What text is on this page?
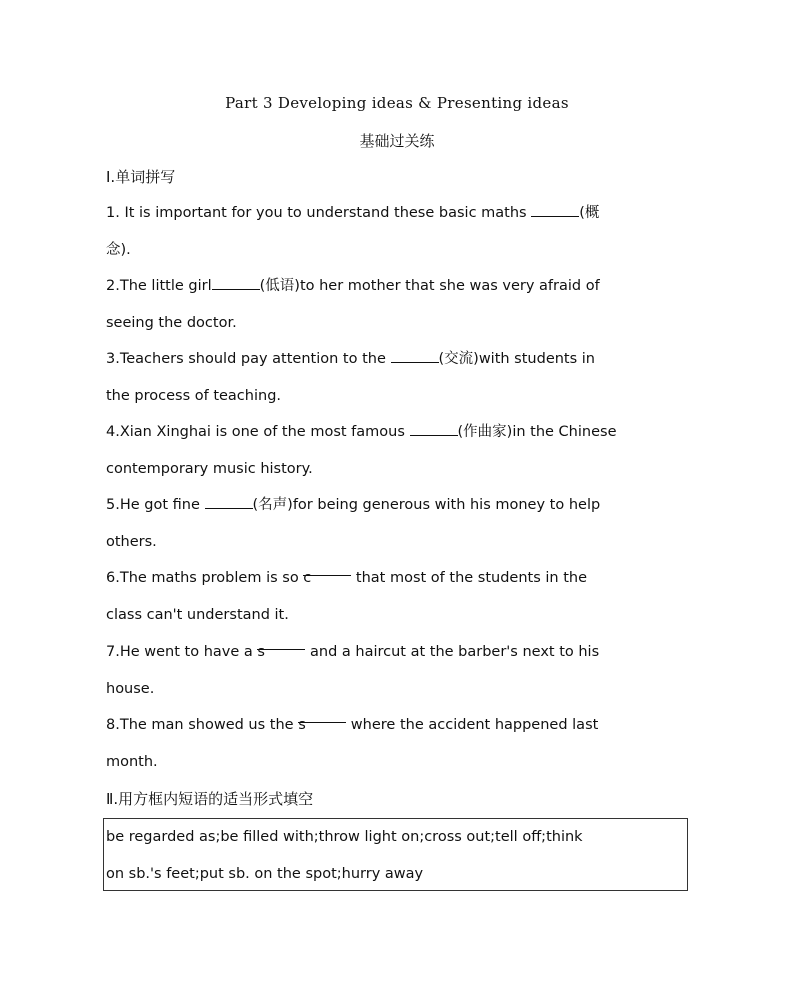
Part 3 Developing ideas & Presenting ideas
基础过关练
Ⅰ.单词拼写
1. It is important for you to understand these basic maths	(概
念).
2.The little girl	(低语)to her mother that she was very afraid of
seeing the doctor.
3.Teachers should pay attention to the	(交流)with students in
the process of teaching.
4.Xian Xinghai is one of the most famous	(作曲家)in the Chinese
contemporary music history.
5.He got fine	(名声)for being generous with his money to help
others.
6.The maths problem is so c	that most of the students in the
class can't understand it.
7.He went to have a s	and a haircut at the barber's next to his
house.
8.The man showed us the s	where the accident happened last
month.
Ⅱ.用方框内短语的适当形式填空
be regarded as;be filled with;throw light on;cross out;tell off;think
on sb.'s feet;put sb. on the spot;hurry away
